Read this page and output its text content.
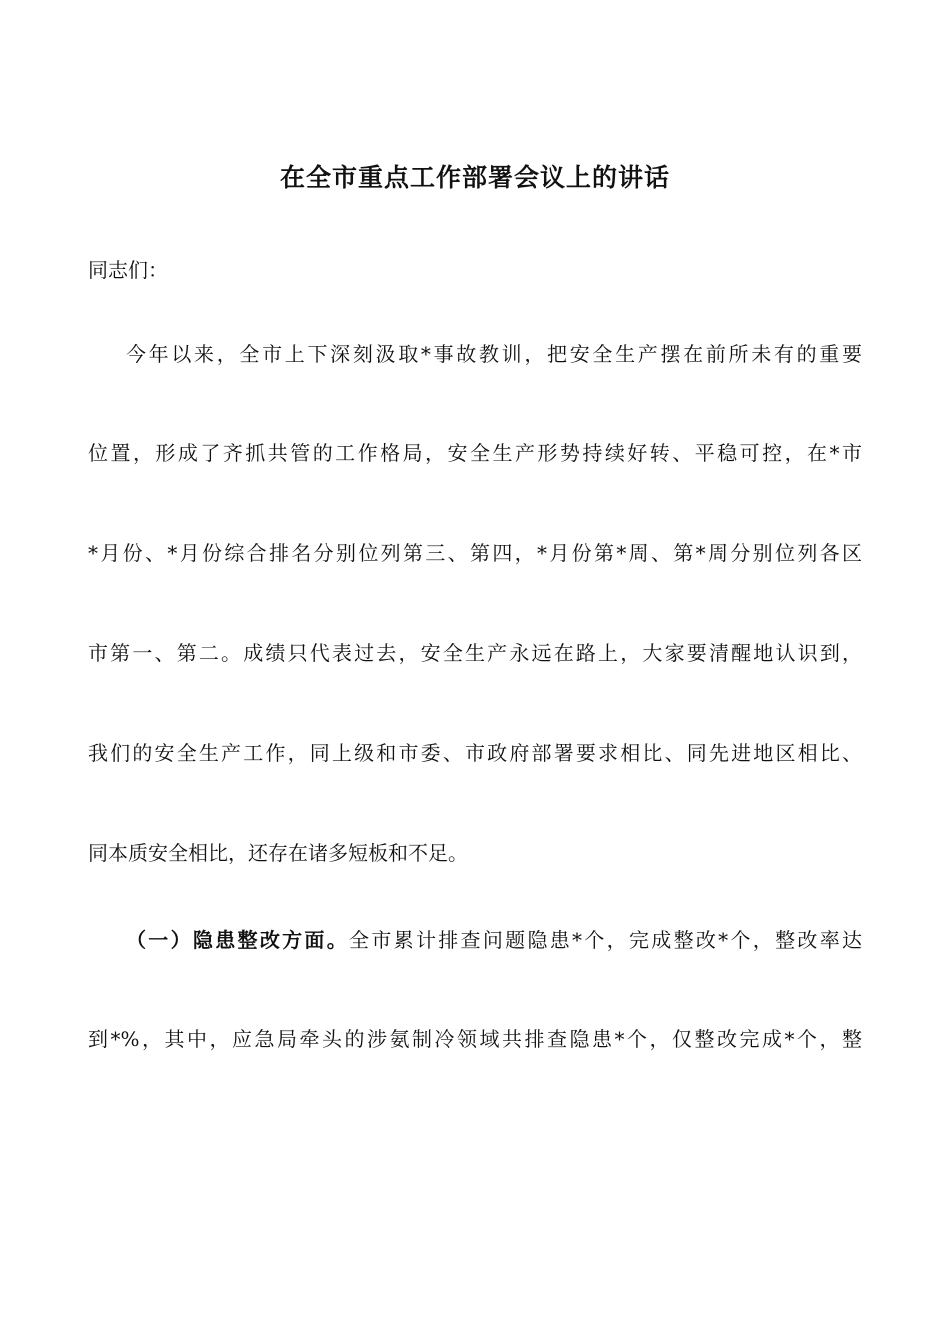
在全市重点工作部署会议上的讲话
同志们：
今年以来，全市上下深刻汲取*事故教训，把安全生产摆在前所未有的重要
位置，形成了齐抓共管的工作格局，安全生产形势持续好转、平稳可控，在*市
*月份、*月份综合排名分别位列第三、第四，*月份第*周、第*周分别位列各区
市第一、第二。成绩只代表过去，安全生产永远在路上，大家要清醒地认识到，
我们的安全生产工作，同上级和市委、市政府部署要求相比、同先进地区相比、
同本质安全相比，还存在诸多短板和不足。
（一）隐患整改方面。全市累计排查问题隐患*个，完成整改*个，整改率达
到*%，其中，应急局牵头的涉氨制冷领域共排查隐患*个，仅整改完成*个，整
